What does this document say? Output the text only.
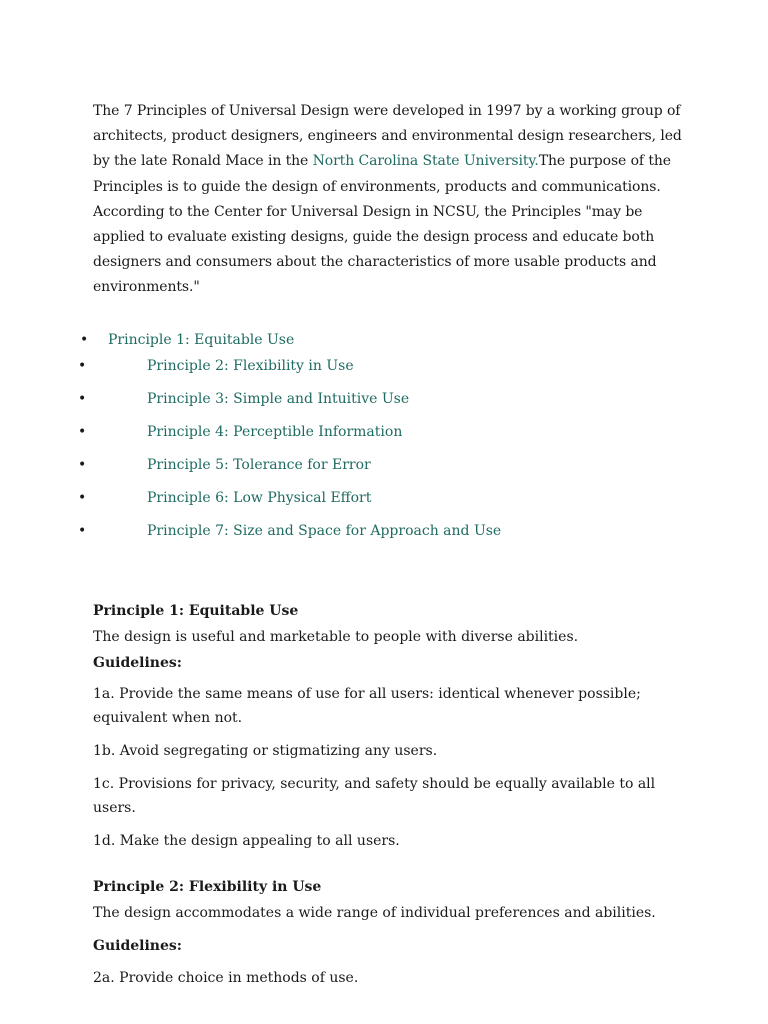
The 7 Principles of Universal Design were developed in 1997 by a working group of architects, product designers, engineers and environmental design researchers, led by the late Ronald Mace in the North Carolina State University.The purpose of the Principles is to guide the design of environments, products and communications. According to the Center for Universal Design in NCSU, the Principles "may be applied to evaluate existing designs, guide the design process and educate both designers and consumers about the characteristics of more usable products and environments."

• Principle 1: Equitable Use
•	Principle 2: Flexibility in Use
•	Principle 3: Simple and Intuitive Use
•	Principle 4: Perceptible Information
•	Principle 5: Tolerance for Error
•	Principle 6: Low Physical Effort
•	Principle 7: Size and Space for Approach and Use
Principle 1: Equitable Use

The design is useful and marketable to people with diverse abilities.

Guidelines:

1a. Provide the same means of use for all users: identical whenever possible; equivalent when not.

1b. Avoid segregating or stigmatizing any users.

1c. Provisions for privacy, security, and safety should be equally available to all users.

1d. Make the design appealing to all users.

Principle 2: Flexibility in Use

The design accommodates a wide range of individual preferences and abilities.

Guidelines:

2a. Provide choice in methods of use.
